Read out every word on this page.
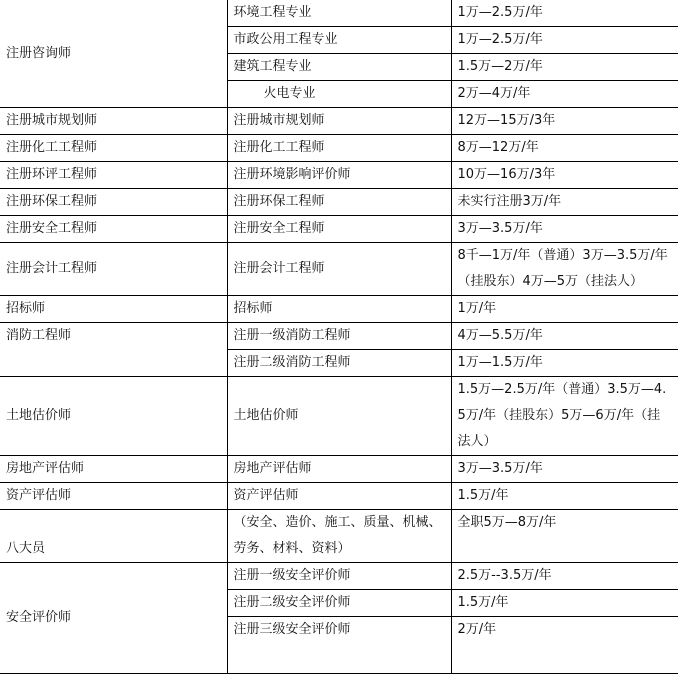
注册咨询师	环境工程专业	1万—2.5万/年
	市政公用工程专业	1万—2.5万/年
	建筑工程专业	1.5万—2万/年
	火电专业	2万—4万/年
注册城市规划师	注册城市规划师	12万—15万/3年
注册化工工程师	注册化工工程师	8万—12万/年
注册环评工程师	注册环境影响评价师	10万—16万/3年
注册环保工程师	注册环保工程师	未实行注册3万/年
注册安全工程师	注册安全工程师	3万—3.5万/年
注册会计工程师	注册会计工程师	8千—1万/年（普通）3万—3.5万/年（挂股东）4万—5万（挂法人）
招标师	招标师	1万/年
消防工程师	注册一级消防工程师	4万—5.5万/年
	注册二级消防工程师	1万—1.5万/年
土地估价师	土地估价师	1.5万—2.5万/年（普通）3.5万—4.5万/年（挂股东）5万—6万/年（挂法人）
房地产评估师	房地产评估师	3万—3.5万/年
资产评估师	资产评估师	1.5万/年
八大员	（安全、造价、施工、质量、机械、劳务、材料、资料）	全职5万—8万/年
安全评价师	注册一级安全评价师	2.5万--3.5万/年
	注册二级安全评价师	1.5万/年
	注册三级安全评价师	2万/年
